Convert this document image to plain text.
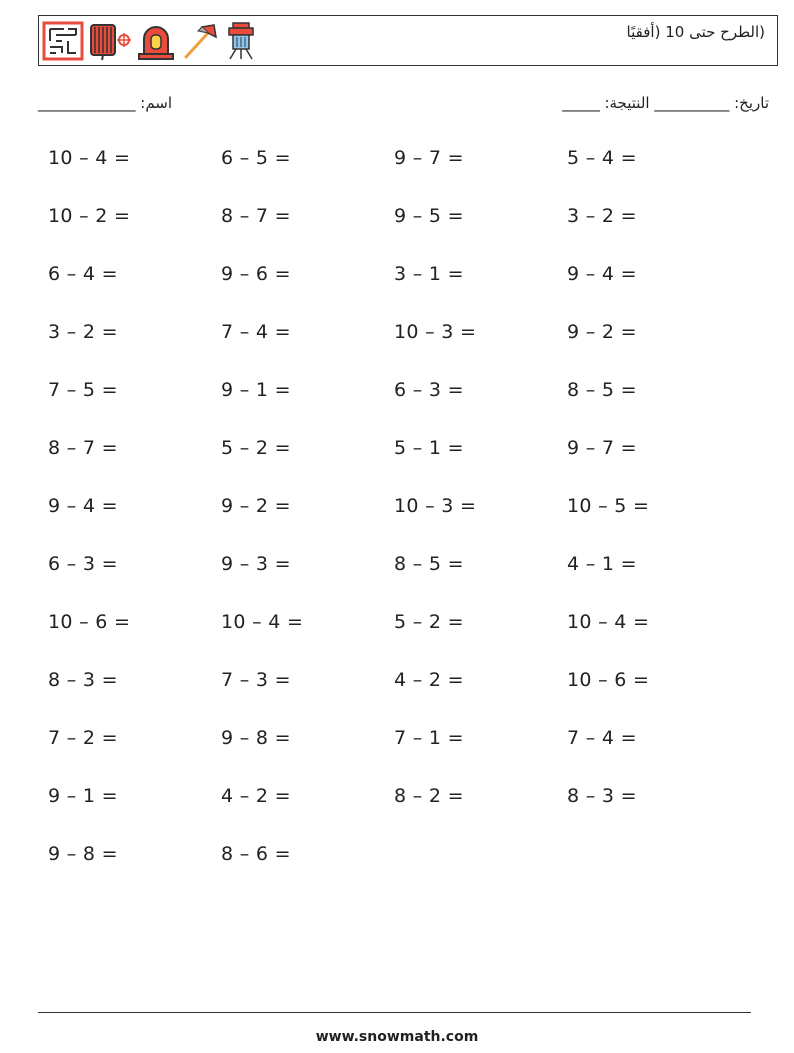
(الطرح حتى 10 (أفقيًا
اسم: _____________	_____ :تاريخ: __________ النتيجة
10 – 4 =	6 – 5 =	9 – 7 =	5 – 4 =
10 – 2 =	8 – 7 =	9 – 5 =	3 – 2 =
6 – 4 =	9 – 6 =	3 – 1 =	9 – 4 =
3 – 2 =	7 – 4 =	10 – 3 =	9 – 2 =
7 – 5 =	9 – 1 =	6 – 3 =	8 – 5 =
8 – 7 =	5 – 2 =	5 – 1 =	9 – 7 =
9 – 4 =	9 – 2 =	10 – 3 =	10 – 5 =
6 – 3 =	9 – 3 =	8 – 5 =	4 – 1 =
10 – 6 =	10 – 4 =	5 – 2 =	10 – 4 =
8 – 3 =	7 – 3 =	4 – 2 =	10 – 6 =
7 – 2 =	9 – 8 =	7 – 1 =	7 – 4 =
9 – 1 =	4 – 2 =	8 – 2 =	8 – 3 =
9 – 8 =	8 – 6 =
www.snowmath.com
